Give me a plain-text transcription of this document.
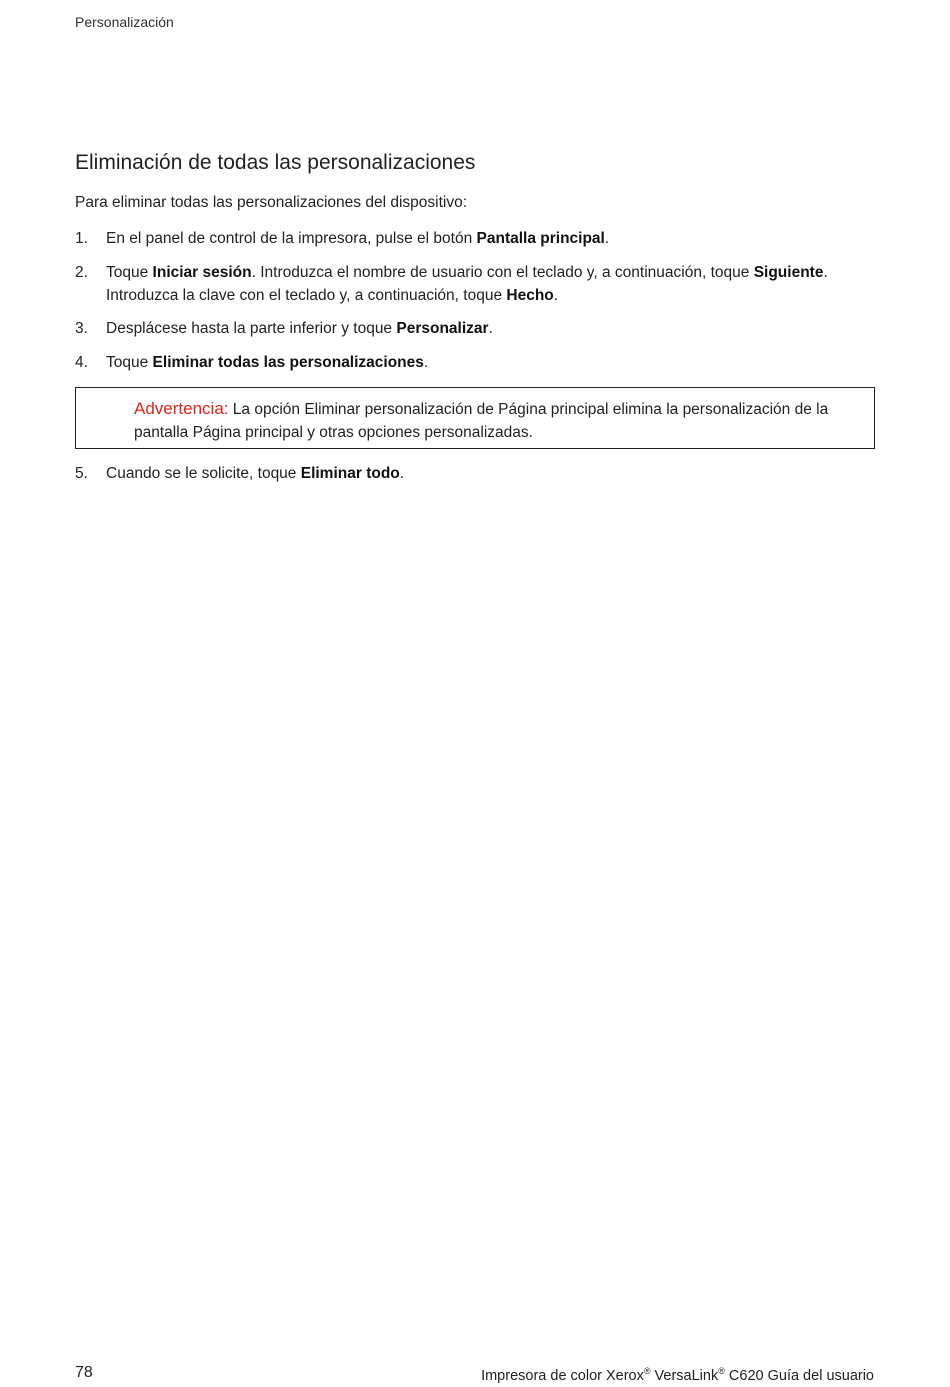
Personalización
Eliminación de todas las personalizaciones

Para eliminar todas las personalizaciones del dispositivo:

1.	En el panel de control de la impresora, pulse el botón Pantalla principal.
2.	Toque Iniciar sesión. Introduzca el nombre de usuario con el teclado y, a continuación, toque Siguiente. Introduzca la clave con el teclado y, a continuación, toque Hecho.
3.	Desplácese hasta la parte inferior y toque Personalizar.
4.	Toque Eliminar todas las personalizaciones.
Advertencia: La opción Eliminar personalización de Página principal elimina la personalización de la pantalla Página principal y otras opciones personalizadas.
5.	Cuando se le solicite, toque Eliminar todo.
78	Impresora de color Xerox® VersaLink® C620 Guía del usuario
